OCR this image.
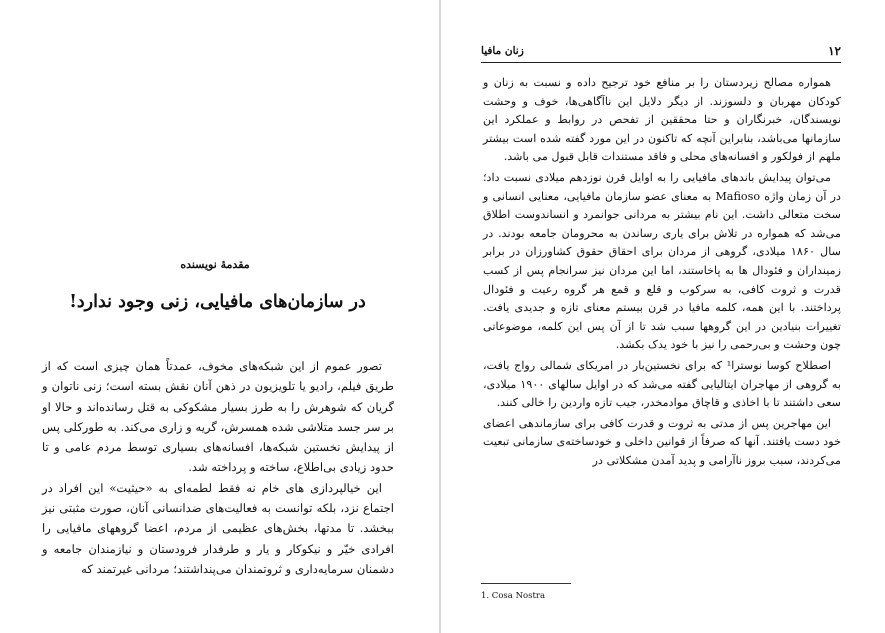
مقدمهٔ نویسنده
در سازمان‌های مافیایی، زنی وجود ندارد!

تصور عموم از این شبکه‌های مخوف، عمدتاً همان چیزی است که از طریق فیلم، رادیو یا تلویزیون در ذهن آنان نقش بسته است؛ زنی ناتوان و گریان که شوهرش را به طرز بسیار مشکوکی به قتل رسانده‌اند و حالا او بر سر جسد متلاشی شده همسرش، گریه و زاری می‌کند. به طورکلی پس از پیدایش نخستین شبکه‌ها، افسانه‌های بسیاری توسط مردم عامی و تا حدود زیادی بی‌اطلاع، ساخته و پرداخته شد.

این خیالپردازی های خام نه فقط لطمه‌ای به «حیثیت» این افراد در اجتماع نزد، بلکه توانست به فعالیت‌های ضدانسانی آنان، صورت مثبتی نیز ببخشد. تا مدتها، بخش‌های عظیمی از مردم، اعضا گروههای مافیایی را افرادی خیّر و نیکوکار و یار و طرفدار فرودستان و نیازمندان جامعه و دشمنان سرمایه‌داری و ثروتمندان می‌پنداشتند؛ مردانی غیرتمند که

۱۲
زنان مافیا

همواره مصالح زیردستان را بر منافع خود ترجیح داده و نسبت به زنان و کودکان مهربان و دلسوزند. از دیگر دلایل این ناآگاهی‌ها، خوف و وحشت نویسندگان، خبرنگاران و حتا محققین از تفحص در روابط و عملکرد این سازمانها می‌باشد، بنابراین آنچه که تاکنون در این مورد گفته شده است بیشتر ملهم از فولکور و افسانه‌های محلی و فاقد مستندات قابل قبول می باشد.

می‌توان پیدایش باندهای مافیایی را به اوایل قرن نوزدهم میلادی نسبت داد؛ در آن زمان واژه Mafioso به معنای عضو سازمان مافیایی، معنایی انسانی و سخت متعالی داشت. این نام بیشتر به مردانی جوانمرد و انساندوست اطلاق می‌شد که همواره در تلاش برای یاری رساندن به محرومان جامعه بودند. در سال ۱۸۶۰ میلادی، گروهی از مردان برای احقاق حقوق کشاورزان در برابر زمینداران و فئودال ها به پاخاستند، اما این مردان نیز سرانجام پس از کسب قدرت و ثروت کافی، به سرکوب و قلع و قمع هر گروه رعیت و فئودال پرداختند. با این همه، کلمه مافیا در قرن بیستم معنای تازه و جدیدی یافت. تغییرات بنیادین در این گروهها سبب شد تا از آن پس این کلمه، موضوعاتی چون وحشت و بی‌رحمی را نیز با خود یدک بکشد.

اصطلاح کوسا نوسترا¹ که برای نخستین‌بار در امریکای شمالی رواج یافت، به گروهی از مهاجران ایتالیایی گفته می‌شد که در اوایل سالهای ۱۹۰۰ میلادی، سعی داشتند تا با اخاذی و قاچاق موادمخدر، جیب تازه واردین را خالی کنند.

این مهاجرین پس از مدتی به ثروت و قدرت کافی برای سازماندهی اعضای خود دست یافتند. آنها که صرفاً از قوانین داخلی و خودساخته‌ی سازمانی تبعیت می‌کردند، سبب بروز ناآرامی و پدید آمدن مشکلاتی در

1. Cosa Nostra
